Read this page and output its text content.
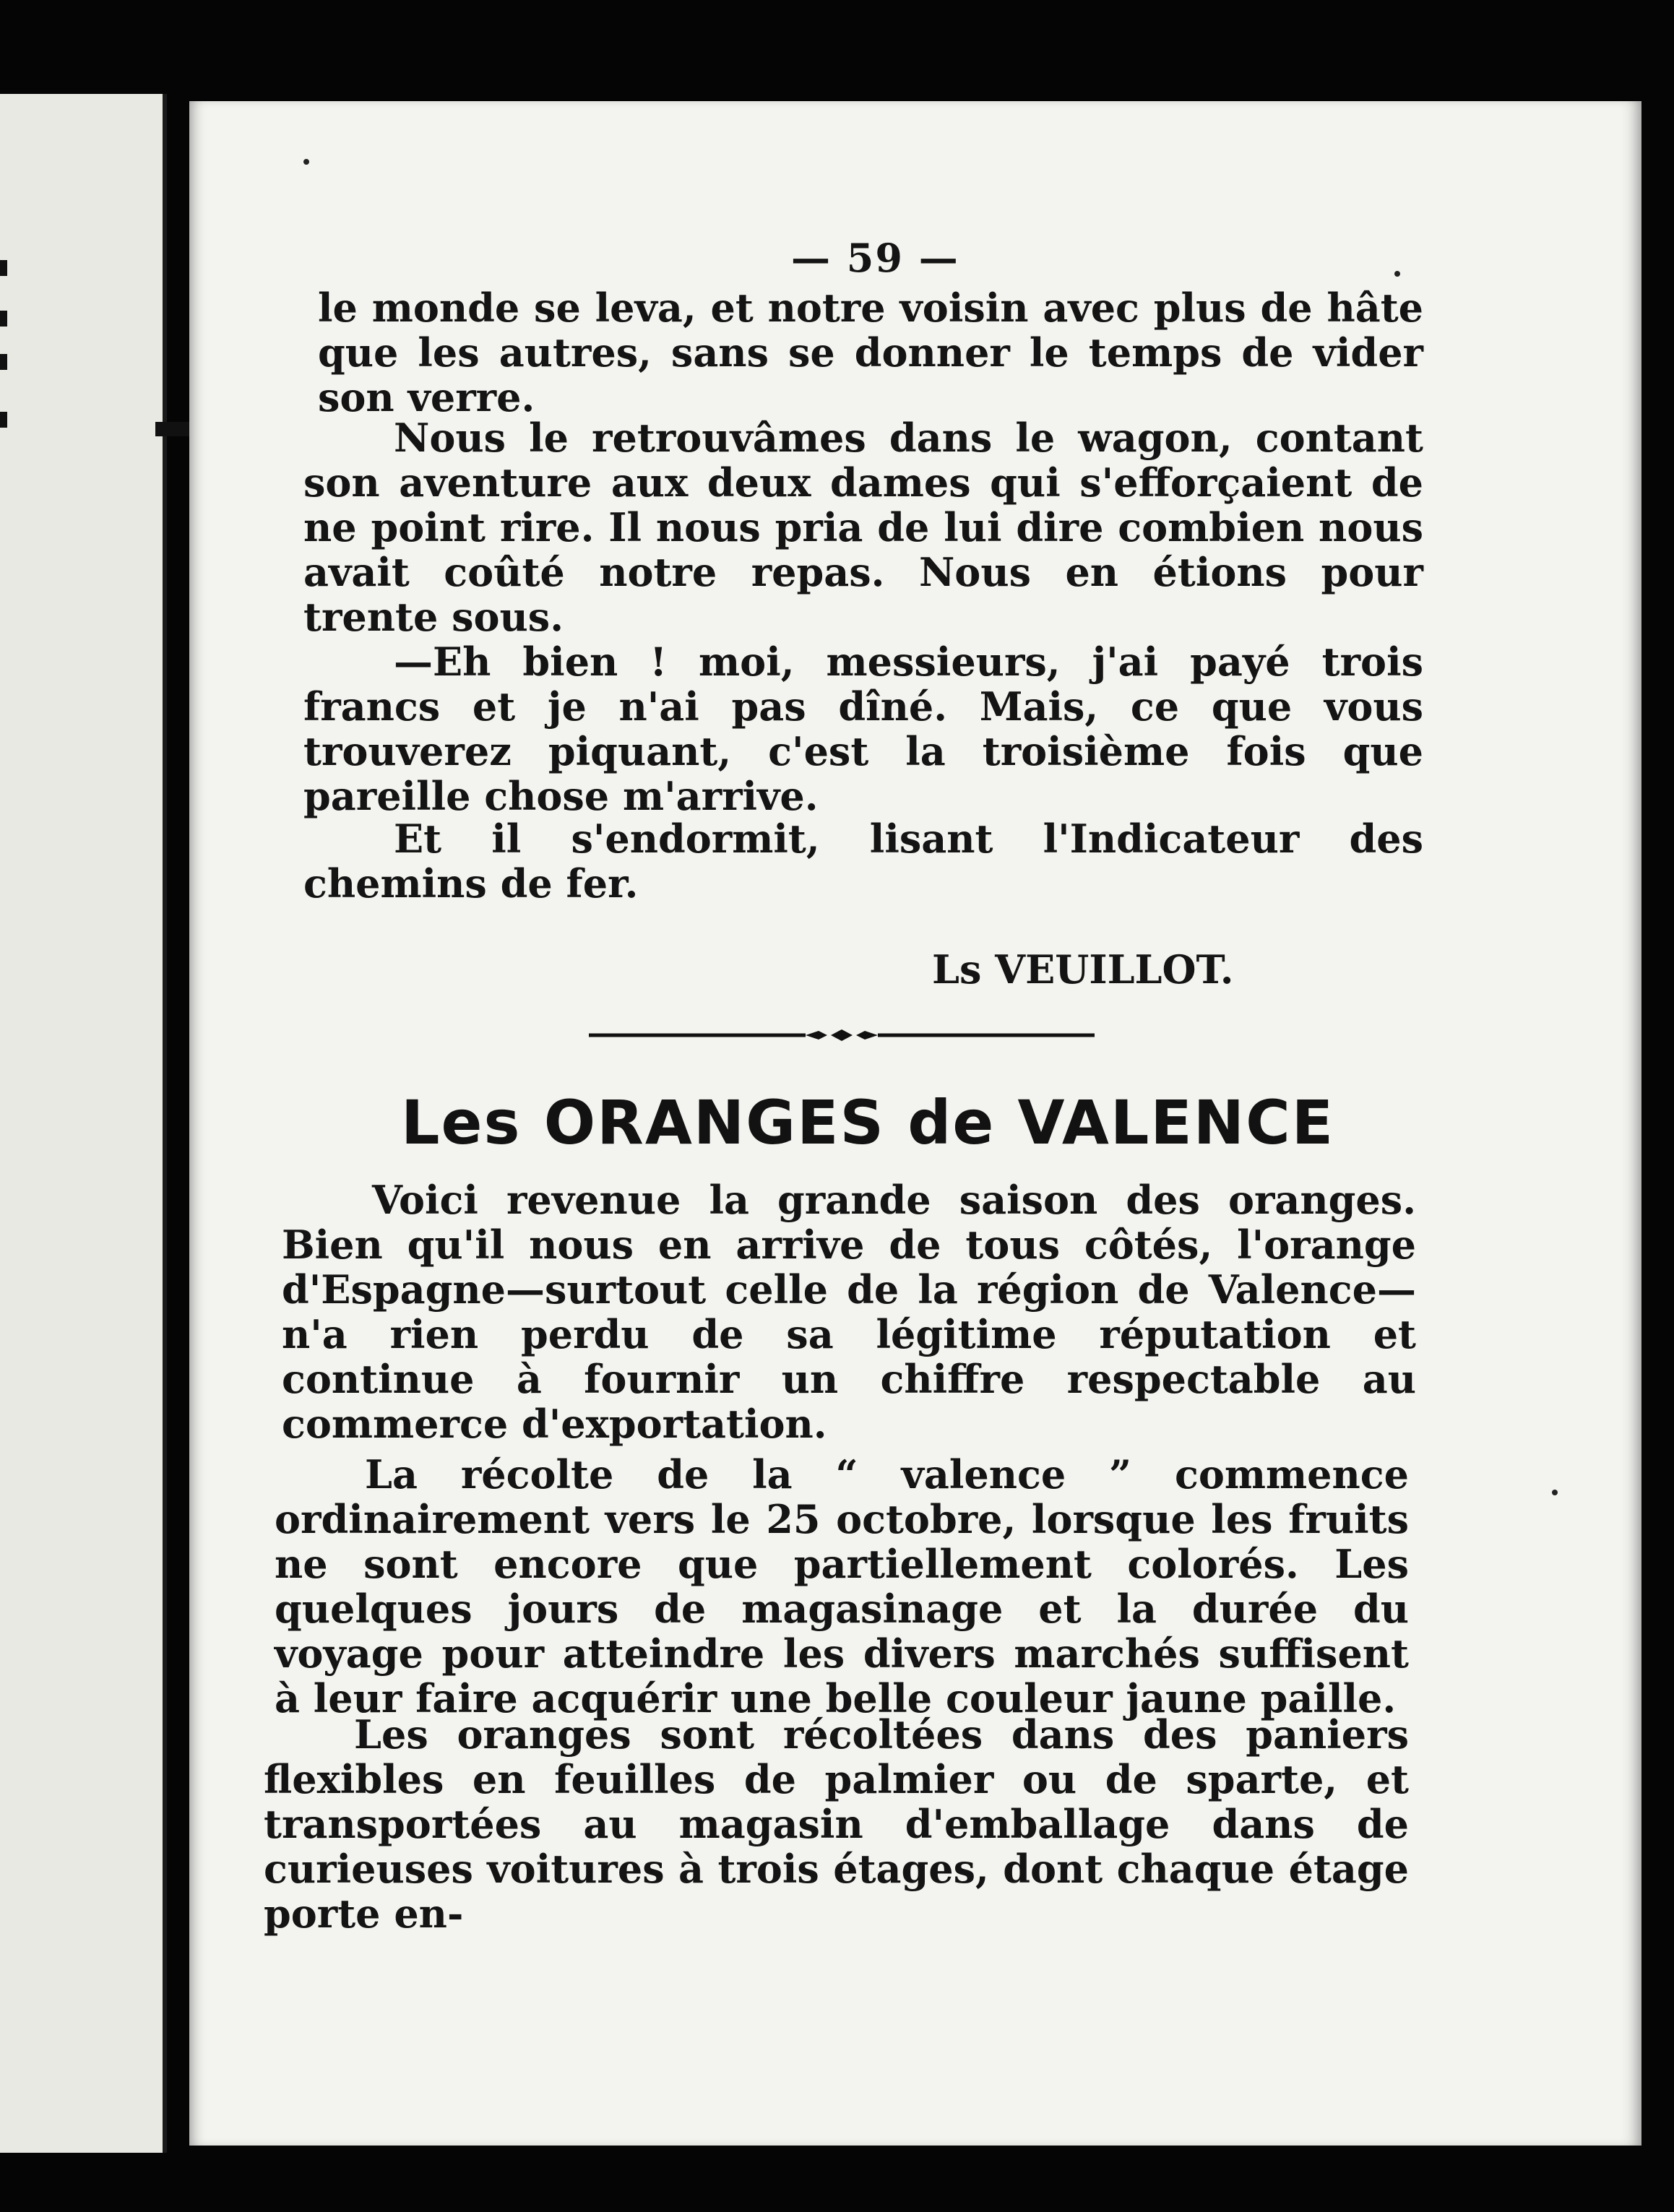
— 59 —

le monde se leva, et notre voisin avec plus de hâte que les autres, sans se donner le temps de vider son verre.

Nous le retrouvâmes dans le wagon, contant son aventure aux deux dames qui s'efforçaient de ne point rire. Il nous pria de lui dire combien nous avait coûté notre repas. Nous en étions pour trente sous.

—Eh bien ! moi, messieurs, j'ai payé trois francs et je n'ai pas dîné. Mais, ce que vous trouverez piquant, c'est la troisième fois que pareille chose m'arrive.

Et il s'endormit, lisant l'Indicateur des chemins de fer.

Ls VEUILLOT.
Les ORANGES de VALENCE

Voici revenue la grande saison des oranges. Bien qu'il nous en arrive de tous côtés, l'orange d'Espagne—surtout celle de la région de Valence—n'a rien perdu de sa légitime réputation et continue à fournir un chiffre respectable au commerce d'exportation.

La récolte de la “ valence ” commence ordinairement vers le 25 octobre, lorsque les fruits ne sont encore que partiellement colorés. Les quelques jours de magasinage et la durée du voyage pour atteindre les divers marchés suffisent à leur faire acquérir une belle couleur jaune paille.

Les oranges sont récoltées dans des paniers flexibles en feuilles de palmier ou de sparte, et transportées au magasin d'emballage dans de curieuses voitures à trois étages, dont chaque étage porte en-
